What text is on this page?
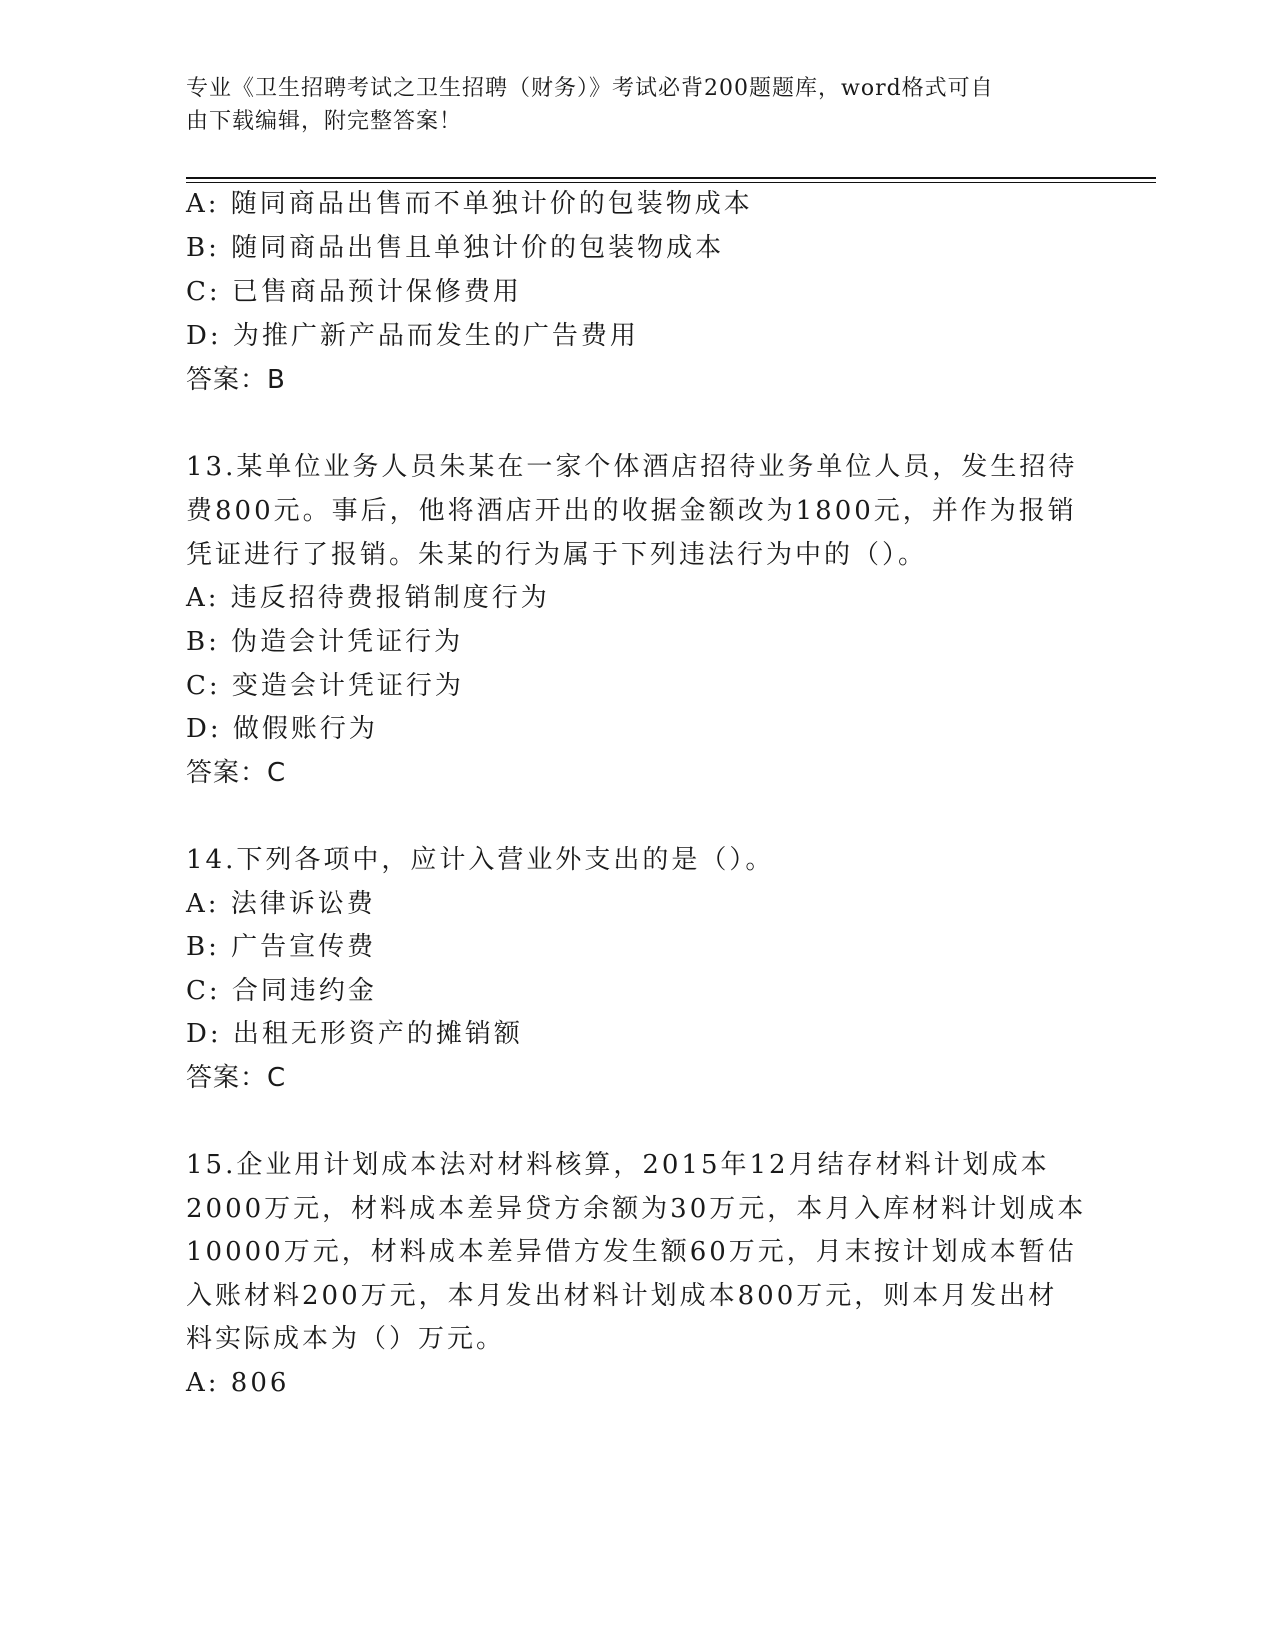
专业《卫生招聘考试之卫生招聘（财务）》考试必背200题题库，word格式可自
由下载编辑，附完整答案！
A: 随同商品出售而不单独计价的包装物成本
B: 随同商品出售且单独计价的包装物成本
C: 已售商品预计保修费用
D: 为推广新产品而发生的广告费用
答案：B
13.某单位业务人员朱某在一家个体酒店招待业务单位人员，发生招待
费800元。事后，他将酒店开出的收据金额改为1800元，并作为报销
凭证进行了报销。朱某的行为属于下列违法行为中的（）。
A: 违反招待费报销制度行为
B: 伪造会计凭证行为
C: 变造会计凭证行为
D: 做假账行为
答案：C
14.下列各项中，应计入营业外支出的是（）。
A: 法律诉讼费
B: 广告宣传费
C: 合同违约金
D: 出租无形资产的摊销额
答案：C
15.企业用计划成本法对材料核算，2015年12月结存材料计划成本
2000万元，材料成本差异贷方余额为30万元，本月入库材料计划成本
10000万元，材料成本差异借方发生额60万元，月末按计划成本暂估
入账材料200万元，本月发出材料计划成本800万元，则本月发出材
料实际成本为（）万元。
A: 806
